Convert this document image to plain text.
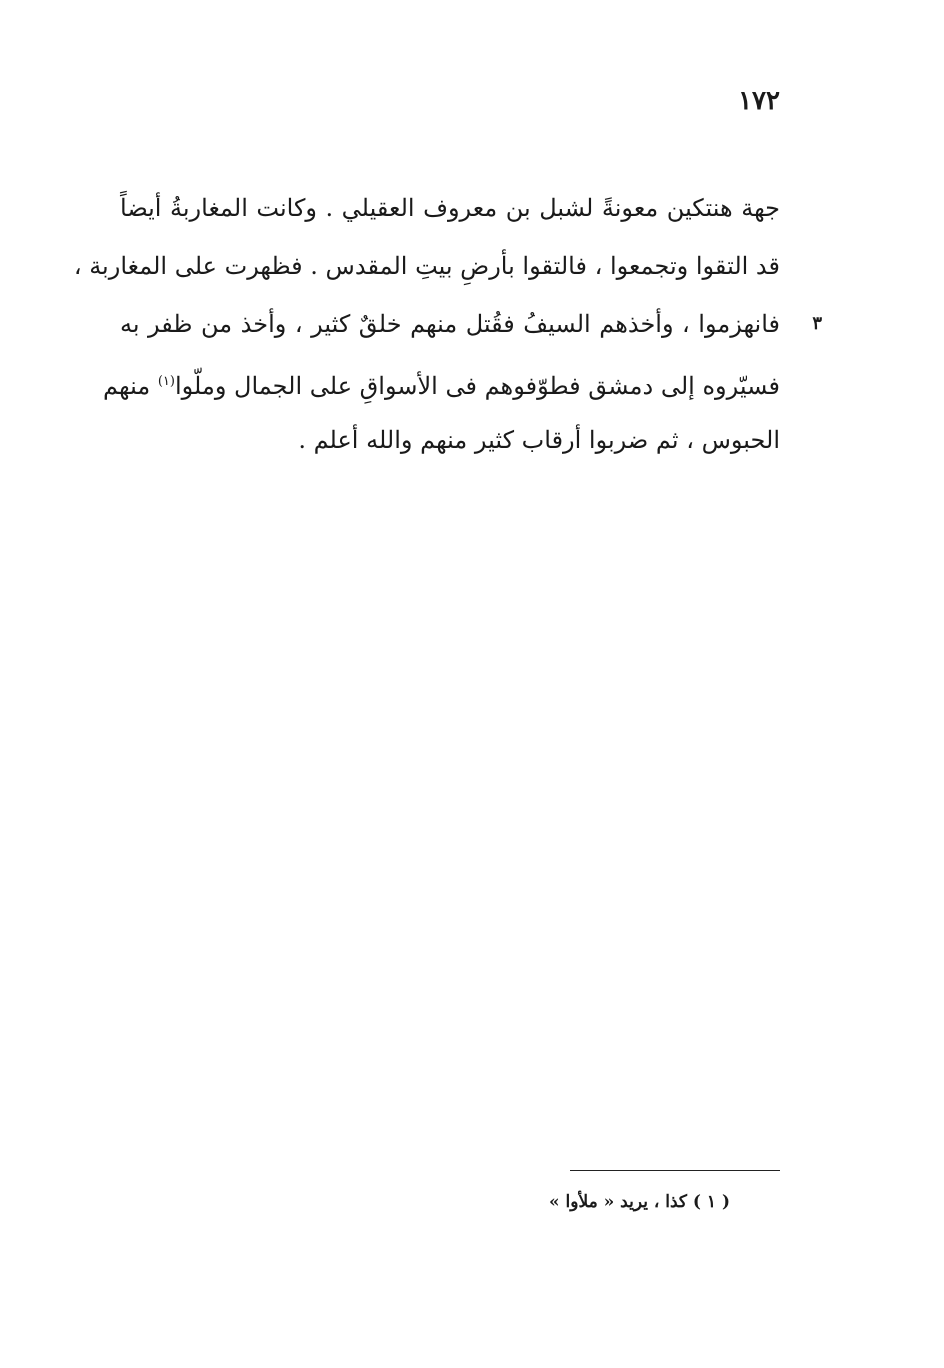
١٧٢
جهة هنتكين معونةً لشبل بن معروف العقيلي . وكانت المغاربةُ أيضاً
قد التقوا وتجمعوا ، فالتقوا بأرضِ بيتِ المقدس . فظهرت على المغاربة ،
فانهزموا ، وأخذهم السيفُ فقُتل منهم خلقٌ كثير ، وأخذ من ظفر به ٣
فسيّروه إلى دمشق فطوّفوهم فى الأسواقِ على الجمال وملّوا$^{(١)}$ منهم
الحبوس ، ثم ضربوا أرقاب كثير منهم والله أعلم .
( ١ ) كذا ، يريد « ملأوا »
